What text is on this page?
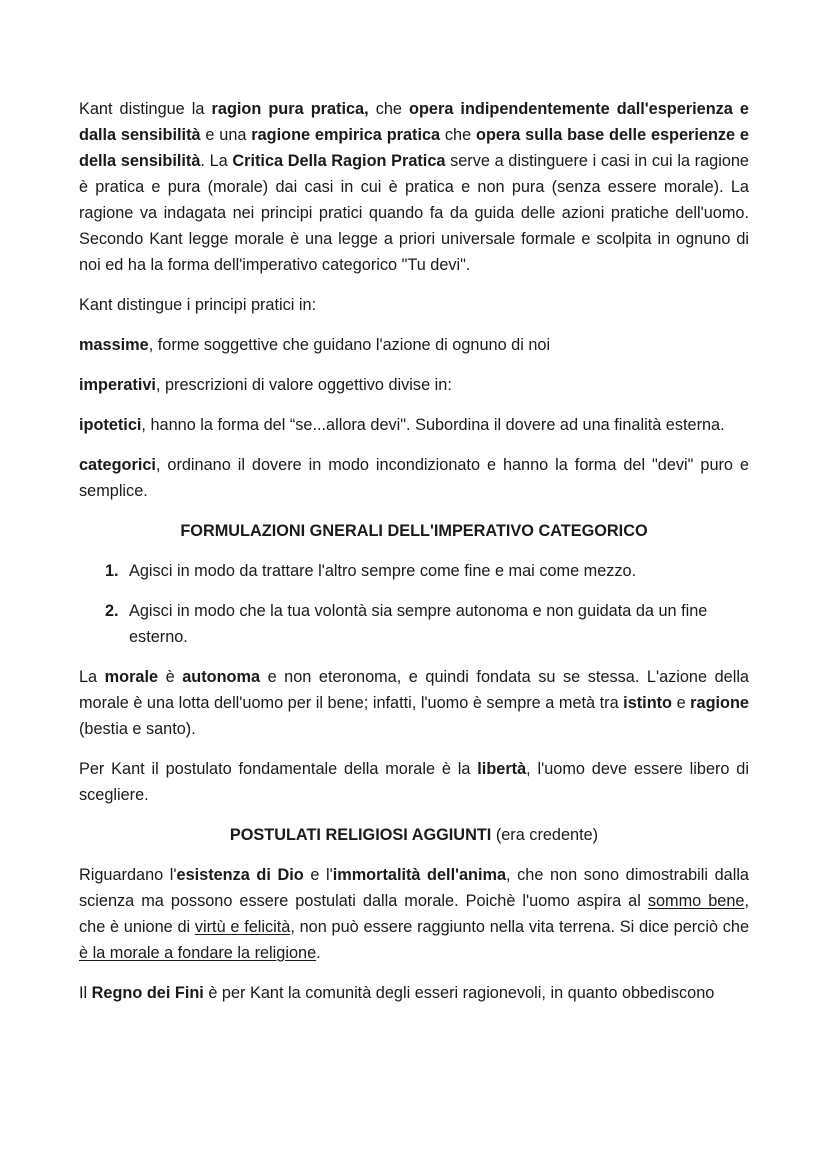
Kant distingue la ragion pura pratica, che opera indipendentemente dall'esperienza e dalla sensibilità e una ragione empirica pratica che opera sulla base delle esperienze e della sensibilità. La Critica Della Ragion Pratica serve a distinguere i casi in cui la ragione è pratica e pura (morale) dai casi in cui è pratica e non pura (senza essere morale). La ragione va indagata nei principi pratici quando fa da guida delle azioni pratiche dell'uomo. Secondo Kant legge morale è una legge a priori universale formale e scolpita in ognuno di noi ed ha la forma dell'imperativo categorico "Tu devi".

Kant distingue i principi pratici in:

massime, forme soggettive che guidano l'azione di ognuno di noi

imperativi, prescrizioni di valore oggettivo divise in:

ipotetici, hanno la forma del “se...allora devi". Subordina il dovere ad una finalità esterna.

categorici, ordinano il dovere in modo incondizionato e hanno la forma del "devi" puro e semplice.

FORMULAZIONI GNERALI DELL'IMPERATIVO CATEGORICO

1. Agisci in modo da trattare l'altro sempre come fine e mai come mezzo.
2. Agisci in modo che la tua volontà sia sempre autonoma e non guidata da un fine esterno.

La morale è autonoma e non eteronoma, e quindi fondata su se stessa. L'azione della morale è una lotta dell'uomo per il bene; infatti, l'uomo è sempre a metà tra istinto e ragione (bestia e santo).

Per Kant il postulato fondamentale della morale è la libertà, l'uomo deve essere libero di scegliere.

POSTULATI RELIGIOSI AGGIUNTI (era credente)

Riguardano l'esistenza di Dio e l'immortalità dell'anima, che non sono dimostrabili dalla scienza ma possono essere postulati dalla morale. Poichè l'uomo aspira al sommo bene, che è unione di virtù e felicità, non può essere raggiunto nella vita terrena. Si dice perciò che è la morale a fondare la religione.

Il Regno dei Fini è per Kant la comunità degli esseri ragionevoli, in quanto obbediscono
